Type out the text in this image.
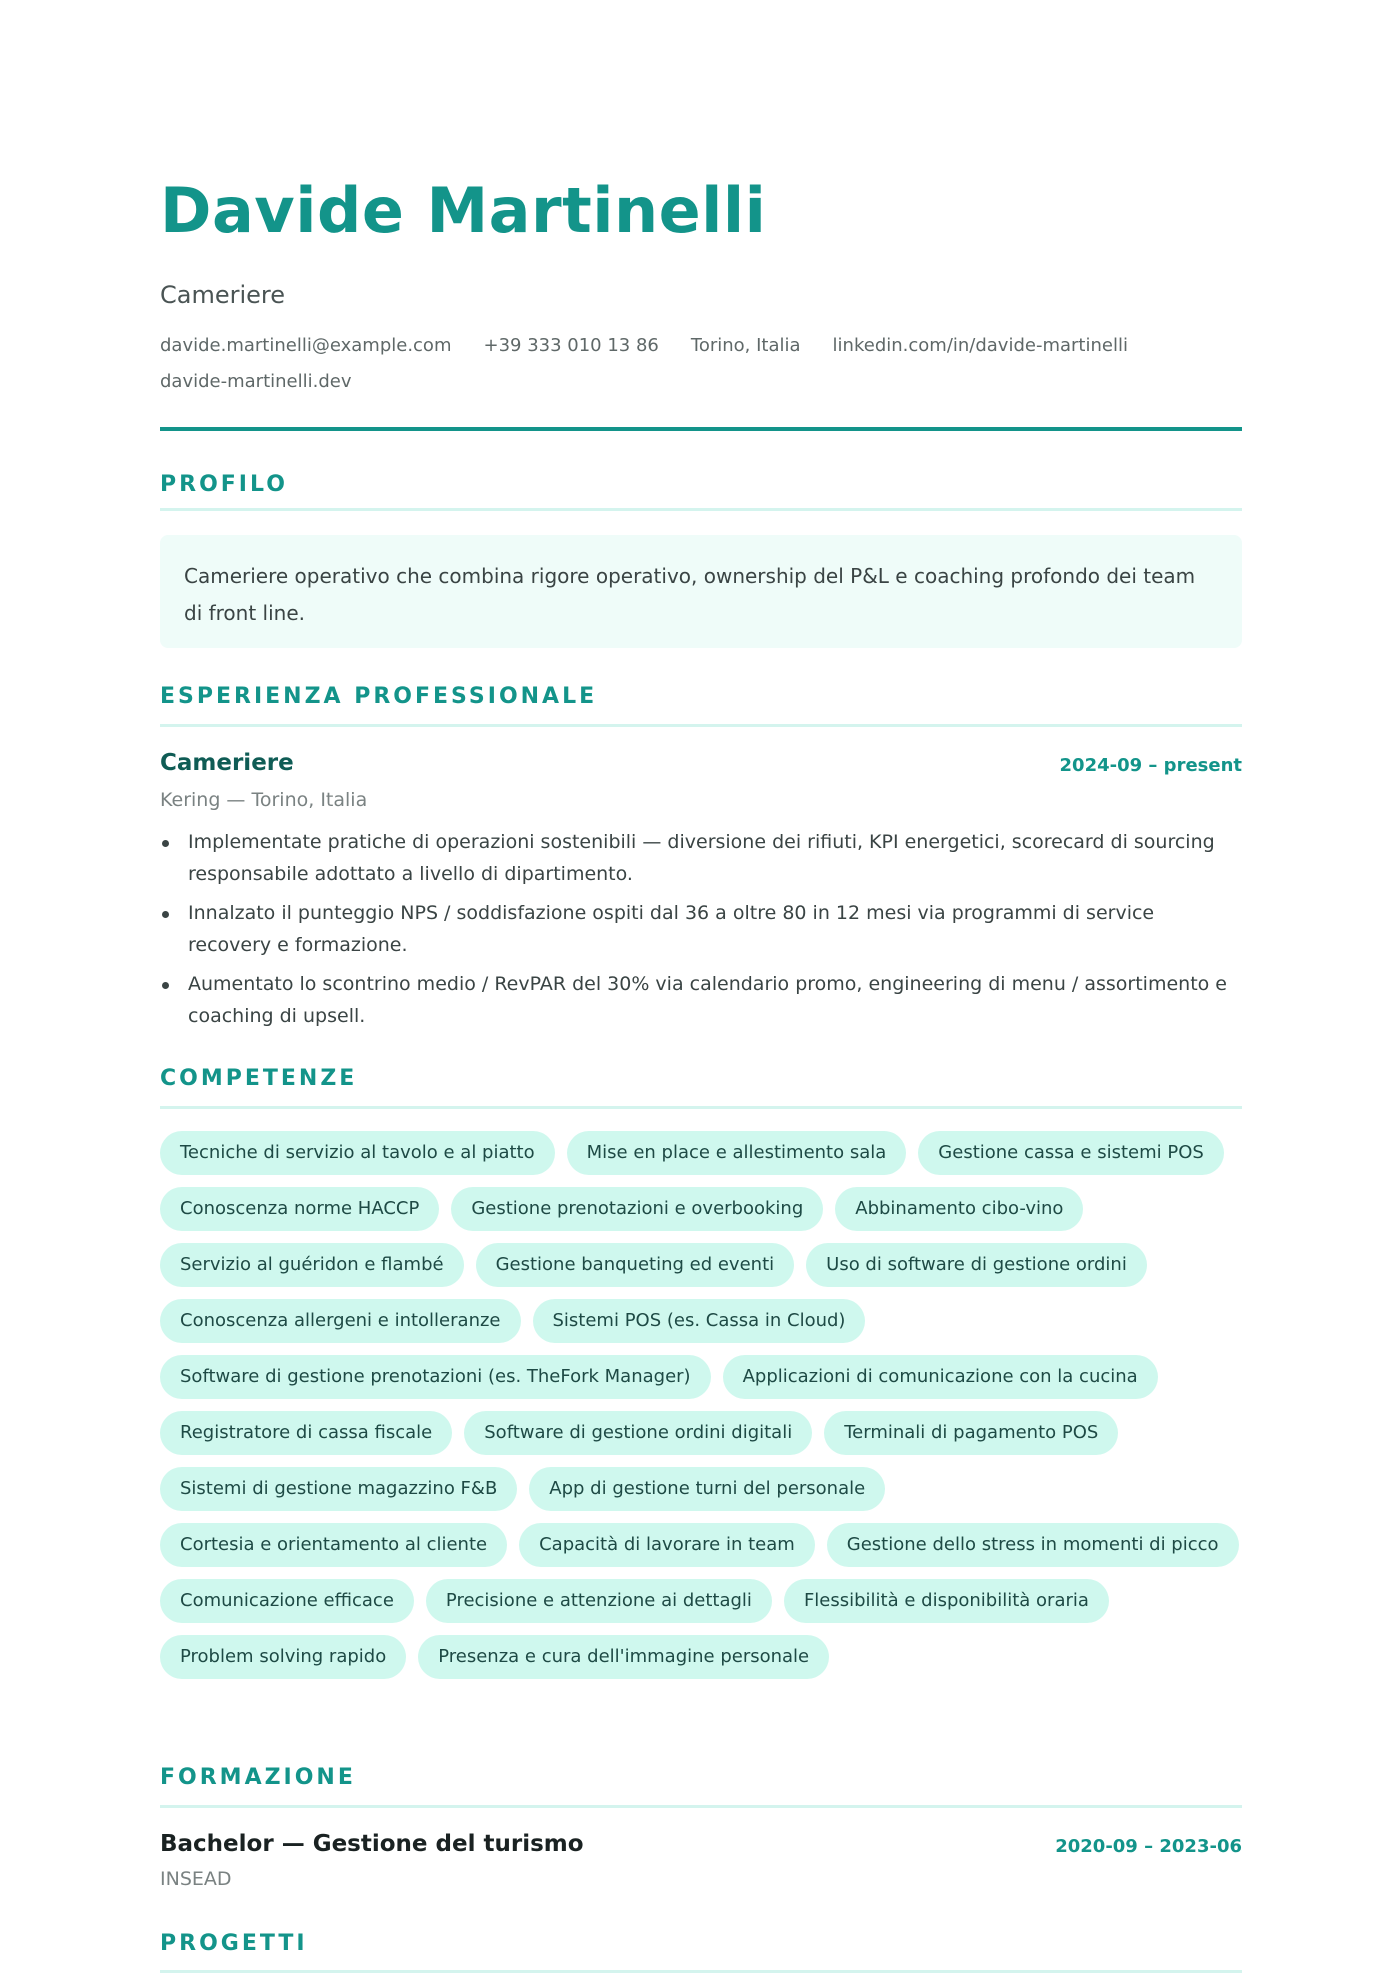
Davide Martinelli
Cameriere
davide.martinelli@example.com +39 333 010 13 86 Torino, Italia linkedin.com/in/davide-martinelli
davide-martinelli.dev
PROFILO
Cameriere operativo che combina rigore operativo, ownership del P&L e coaching profondo dei team di front line.
ESPERIENZA PROFESSIONALE
Cameriere	2024-09 – present
Kering — Torino, Italia
Implementate pratiche di operazioni sostenibili — diversione dei rifiuti, KPI energetici, scorecard di sourcing responsabile adottato a livello di dipartimento.
Innalzato il punteggio NPS / soddisfazione ospiti dal 36 a oltre 80 in 12 mesi via programmi di service recovery e formazione.
Aumentato lo scontrino medio / RevPAR del 30% via calendario promo, engineering di menu / assortimento e coaching di upsell.
COMPETENZE
Tecniche di servizio al tavolo e al piatto	Mise en place e allestimento sala	Gestione cassa e sistemi POS
Conoscenza norme HACCP	Gestione prenotazioni e overbooking	Abbinamento cibo-vino
Servizio al guéridon e flambé	Gestione banqueting ed eventi	Uso di software di gestione ordini
Conoscenza allergeni e intolleranze	Sistemi POS (es. Cassa in Cloud)
Software di gestione prenotazioni (es. TheFork Manager)	Applicazioni di comunicazione con la cucina
Registratore di cassa fiscale	Software di gestione ordini digitali	Terminali di pagamento POS
Sistemi di gestione magazzino F&B	App di gestione turni del personale
Cortesia e orientamento al cliente	Capacità di lavorare in team	Gestione dello stress in momenti di picco
Comunicazione efficace	Precisione e attenzione ai dettagli	Flessibilità e disponibilità oraria
Problem solving rapido	Presenza e cura dell'immagine personale
FORMAZIONE
Bachelor — Gestione del turismo	2020-09 – 2023-06
INSEAD
PROGETTI
